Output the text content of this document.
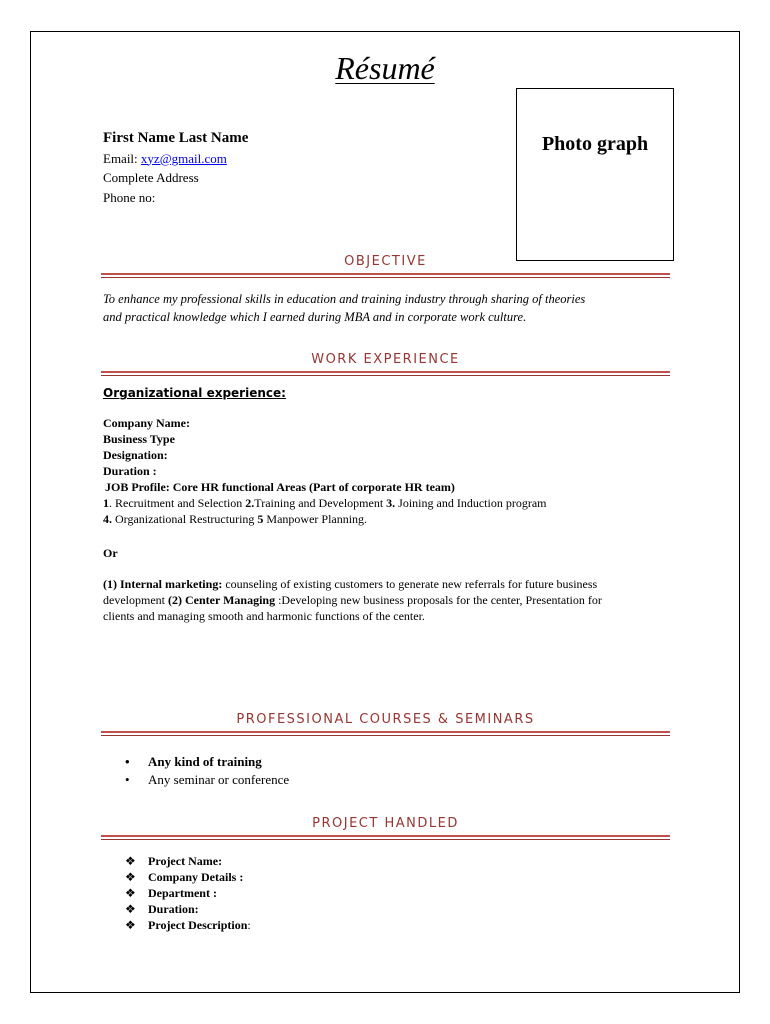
Résumé
Photo graph
First Name Last Name
Email: xyz@gmail.com
Complete Address
Phone no:
OBJECTIVE
To enhance my professional skills in education and training industry through sharing of theories
and practical knowledge which I earned during MBA and in corporate work culture.
WORK EXPERIENCE
Organizational experience:
Company Name:
Business Type
Designation:
Duration :
JOB Profile: Core HR functional Areas (Part of corporate HR team)
1. Recruitment and Selection 2.Training and Development 3. Joining and Induction program
4. Organizational Restructuring 5 Manpower Planning.
Or
(1) Internal marketing: counseling of existing customers to generate new referrals for future business
development (2) Center Managing :Developing new business proposals for the center, Presentation for
clients and managing smooth and harmonic functions of the center.
PROFESSIONAL COURSES & SEMINARS
• Any kind of training
• Any seminar or conference
PROJECT HANDLED
❖ Project Name:
❖ Company Details :
❖ Department :
❖ Duration:
❖ Project Description:
